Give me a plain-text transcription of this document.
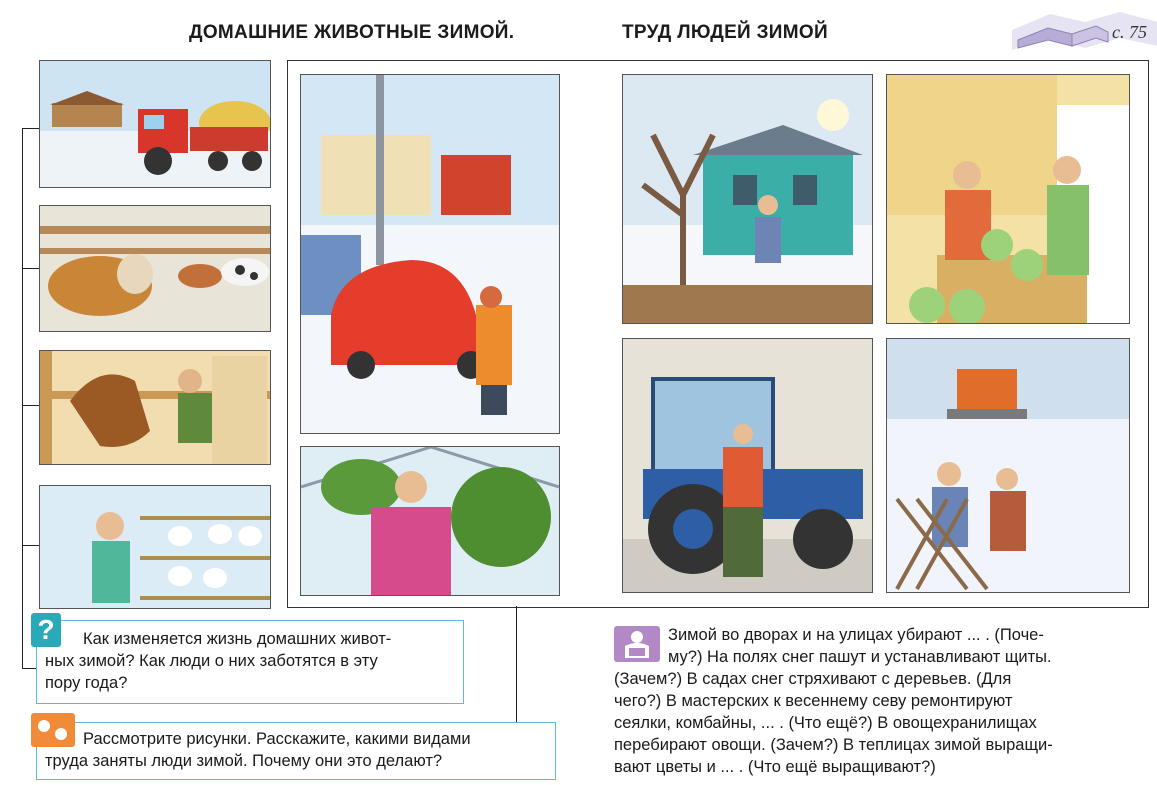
ДОМАШНИЕ ЖИВОТНЫЕ ЗИМОЙ.	ТРУД ЛЮДЕЙ ЗИМОЙ	с. 75
?	Как изменяется жизнь домашних живот-
ных зимой? Как люди о них заботятся в эту
пору года?
Рассмотрите рисунки. Расскажите, какими видами
труда заняты люди зимой. Почему они это делают?
Зимой во дворах и на улицах убирают ... . (Поче-
му?) На полях снег пашут и устанавливают щиты.
(Зачем?) В садах снег стряхивают с деревьев. (Для
чего?) В мастерских к весеннему севу ремонтируют
сеялки, комбайны, ... . (Что ещё?) В овощехранилищах
перебирают овощи. (Зачем?) В теплицах зимой выращи-
вают цветы и ... . (Что ещё выращивают?)
